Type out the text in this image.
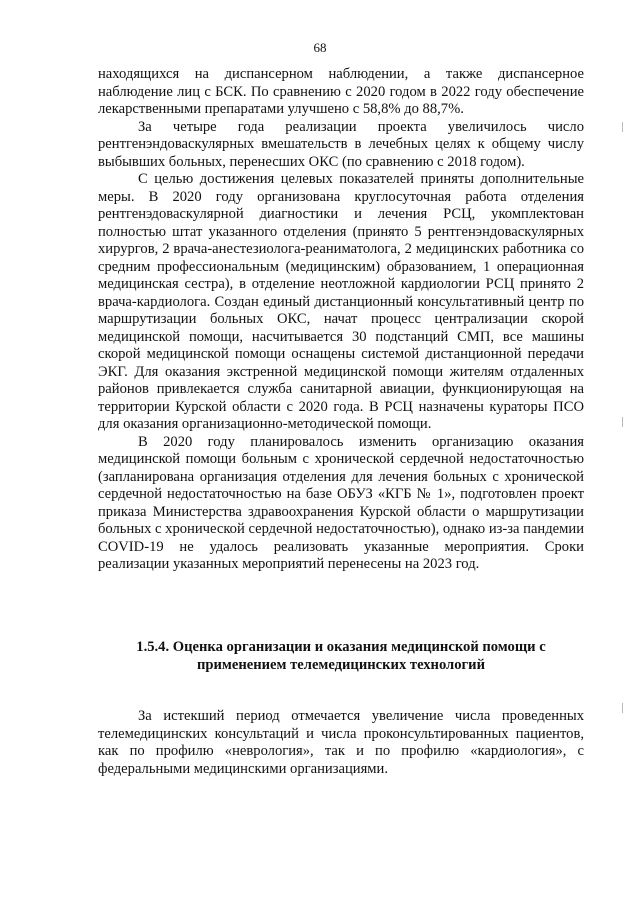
68

находящихся на диспансерном наблюдении, а также диспансерное наблюдение лиц с БСК. По сравнению с 2020 годом в 2022 году обеспечение лекарственными препаратами улучшено с 58,8% до 88,7%.

За четыре года реализации проекта увеличилось число рентгенэндоваскулярных вмешательств в лечебных целях к общему числу выбывших больных, перенесших ОКС (по сравнению с 2018 годом).

С целью достижения целевых показателей приняты дополнительные меры. В 2020 году организована круглосуточная работа отделения рентгенэдоваскулярной диагностики и лечения РСЦ, укомплектован полностью штат указанного отделения (принято 5 рентгенэндоваскулярных хирургов, 2 врача-анестезиолога-реаниматолога, 2 медицинских работника со средним профессиональным (медицинским) образованием, 1 операционная медицинская сестра), в отделение неотложной кардиологии РСЦ принято 2 врача-кардиолога. Создан единый дистанционный консультативный центр по маршрутизации больных ОКС, начат процесс централизации скорой медицинской помощи, насчитывается 30 подстанций СМП, все машины скорой медицинской помощи оснащены системой дистанционной передачи ЭКГ. Для оказания экстренной медицинской помощи жителям отдаленных районов привлекается служба санитарной авиации, функционирующая на территории Курской области с 2020 года. В РСЦ назначены кураторы ПСО для оказания организационно-методической помощи.

В 2020 году планировалось изменить организацию оказания медицинской помощи больным с хронической сердечной недостаточностью (запланирована организация отделения для лечения больных с хронической сердечной недостаточностью на базе ОБУЗ «КГБ № 1», подготовлен проект приказа Министерства здравоохранения Курской области о маршрутизации больных с хронической сердечной недостаточностью), однако из-за пандемии COVID-19 не удалось реализовать указанные мероприятия. Сроки реализации указанных мероприятий перенесены на 2023 год.

1.5.4. Оценка организации и оказания медицинской помощи с применением телемедицинских технологий

За истекший период отмечается увеличение числа проведенных телемедицинских консультаций и числа проконсультированных пациентов, как по профилю «неврология», так и по профилю «кардиология», с федеральными медицинскими организациями.
